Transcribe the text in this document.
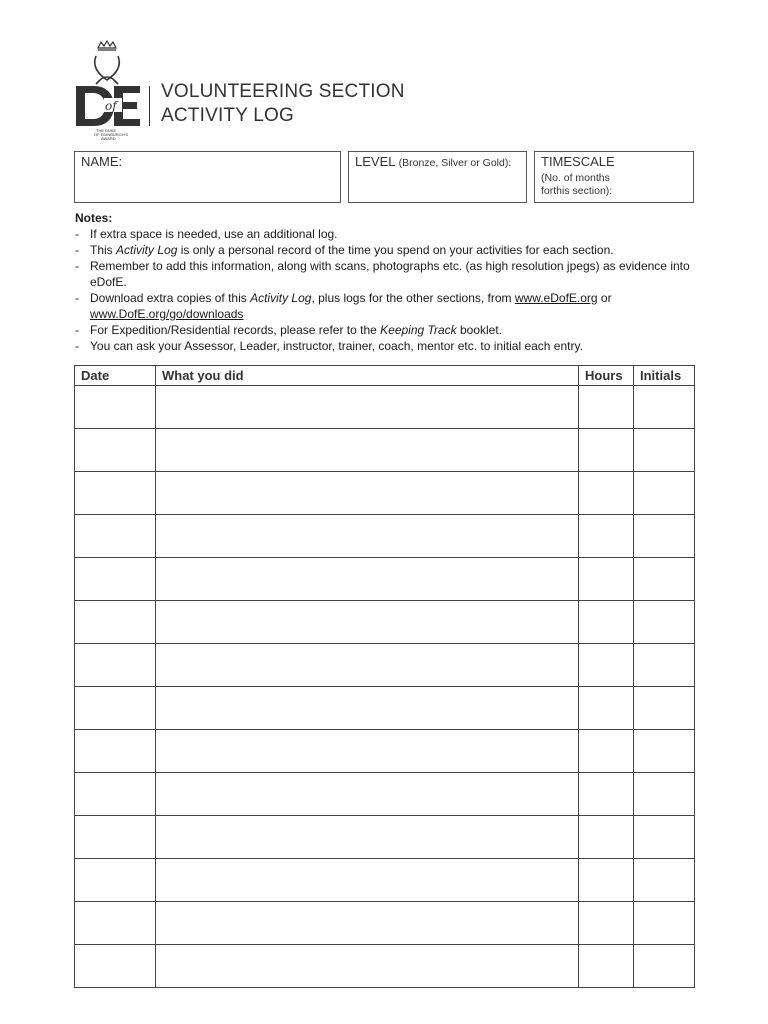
of
THE DUKE
OF EDINBURGH'S
AWARD
VOLUNTEERING SECTION
ACTIVITY LOG
NAME:	LEVEL (Bronze, Silver or Gold):	TIMESCALE
(No. of months forthis section):
Notes:
- If extra space is needed, use an additional log.
- This Activity Log is only a personal record of the time you spend on your activities for each section.
- Remember to add this information, along with scans, photographs etc. (as high resolution jpegs) as evidence into eDofE.
- Download extra copies of this Activity Log, plus logs for the other sections, from www.eDofE.org or
www.DofE.org/go/downloads
- For Expedition/Residential records, please refer to the Keeping Track booklet.
- You can ask your Assessor, Leader, instructor, trainer, coach, mentor etc. to initial each entry.
Date	What you did	Hours	Initials
